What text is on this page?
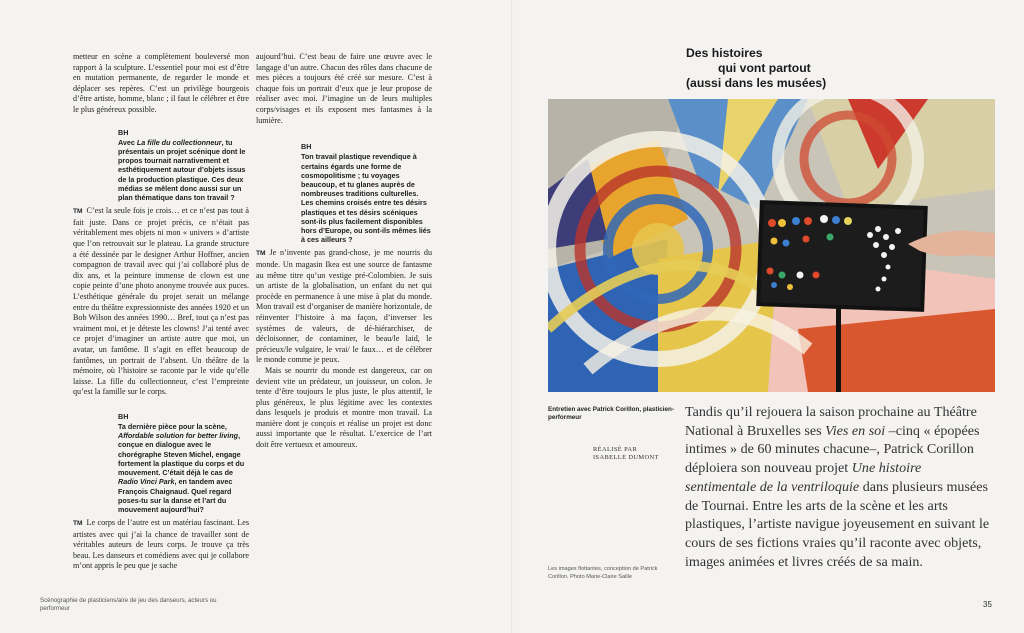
metteur en scène a complètement bouleversé mon rapport à la sculpture. L’essentiel pour moi est d’être en mutation permanente, de regarder le monde et déplacer ses repères. C’est un privilège bourgeois d’être artiste, homme, blanc ; il faut le célébrer et être le plus généreux possible.

BH
Avec La fille du collectionneur, tu présentais un projet scénique dont le propos tournait narrativement et esthétiquement autour d’objets issus de la production plastique. Ces deux médias se mêlent donc aussi sur un plan thématique dans ton travail ?

TM C’est la seule fois je crois… et ce n’est pas tout à fait juste. Dans ce projet précis, ce n’était pas véritablement mes objets ni mon « univers » d’artiste que l’on retrouvait sur le plateau. La grande structure a été dessinée par le designer Arthur Hoffner, ancien compagnon de travail avec qui j’ai collaboré plus de dix ans, et la peinture immense de clown est une copie peinte d’une photo anonyme trouvée aux puces. L’esthétique générale du projet serait un mélange entre du théâtre expressionniste des années 1920 et un Bob Wilson des années 1990… Bref, tout ça n’est pas vraiment moi, et je déteste les clowns! J’ai tenté avec ce projet d’imaginer un artiste autre que moi, un avatar, un fantôme. Il s’agit en effet beaucoup de fantômes, un portrait de l’absent. Un théâtre de la mémoire, où l’histoire se raconte par le vide qu’elle laisse. La fille du collectionneur, c’est l’empreinte qu’est la famille sur le corps.

BH
Ta dernière pièce pour la scène, Affordable solution for better living, conçue en dialogue avec le chorégraphe Steven Michel, engage fortement la plastique du corps et du mouvement. C’était déjà le cas de Radio Vinci Park, en tandem avec François Chaignaud. Quel regard poses-tu sur la danse et l’art du mouvement aujourd’hui?

TM Le corps de l’autre est un matériau fascinant. Les artistes avec qui j’ai la chance de travailler sont de véritables auteurs de leurs corps. Je trouve ça très beau. Les danseurs et comédiens avec qui je collabore m’ont appris le peu que je sache

aujourd’hui. C’est beau de faire une œuvre avec le langage d’un autre. Chacun des rôles dans chacune de mes pièces a toujours été créé sur mesure. C’est à chaque fois un portrait d’eux que je leur propose de réaliser avec moi. J’imagine un de leurs multiples corps/visages et ils exposent mes fantasmes à la lumière.

BH
Ton travail plastique revendique à certains égards une forme de cosmopolitisme ; tu voyages beaucoup, et tu glanes auprès de nombreuses traditions culturelles. Les chemins croisés entre tes désirs plastiques et tes désirs scéniques sont-ils plus facilement disponibles hors d’Europe, ou sont-ils mêmes liés à ces ailleurs ?

TM Je n’invente pas grand-chose, je me nourris du monde. Un magasin Ikea est une source de fantasme au même titre qu’un vestige pré-Colombien. Je suis un artiste de la globalisation, un enfant du net qui procède en permanence à une mise à plat du monde. Mon travail est d’organiser de manière horizontale, de réinventer l’histoire à ma façon, d’inverser les systèmes de valeurs, de dé-hiérarchiser, de décloisonner, de contaminer, le beau/le laid, le précieux/le vulgaire, le vrai/ le faux… et de célébrer le monde comme je peux.

Mais se nourrir du monde est dangereux, car on devient vite un prédateur, un jouisseur, un colon. Je tente d’être toujours le plus juste, le plus attentif, le plus généreux, le plus légitime avec les contextes dans lesquels je produis et montre mon travail. La manière dont je conçois et réalise un projet est donc aussi importante que le résultat. L’exercice de l’art doit être vertueux et amoureux.

Scénographie de plasticiens/aire de jeu des danseurs, acteurs ou performeur
Des histoires
qui vont partout
(aussi dans les musées)
Entretien avec Patrick Corillon, plasticien-performeur
RÉALISÉ PAR
ISABELLE DUMONT
Tandis qu’il rejouera la saison prochaine au Théâtre National à Bruxelles ses Vies en soi –cinq « épopées intimes » de 60 minutes chacune–, Patrick Corillon déploiera son nouveau projet Une histoire sentimentale de la ventriloquie dans plusieurs musées de Tournai. Entre les arts de la scène et les arts plastiques, l’artiste navigue joyeusement en suivant le cours de ses fictions vraies qu’il raconte avec objets, images animées et livres créés de sa main.
Les images flottantes, conception de Patrick Corillon. Photo Marie-Claire Saille
35
